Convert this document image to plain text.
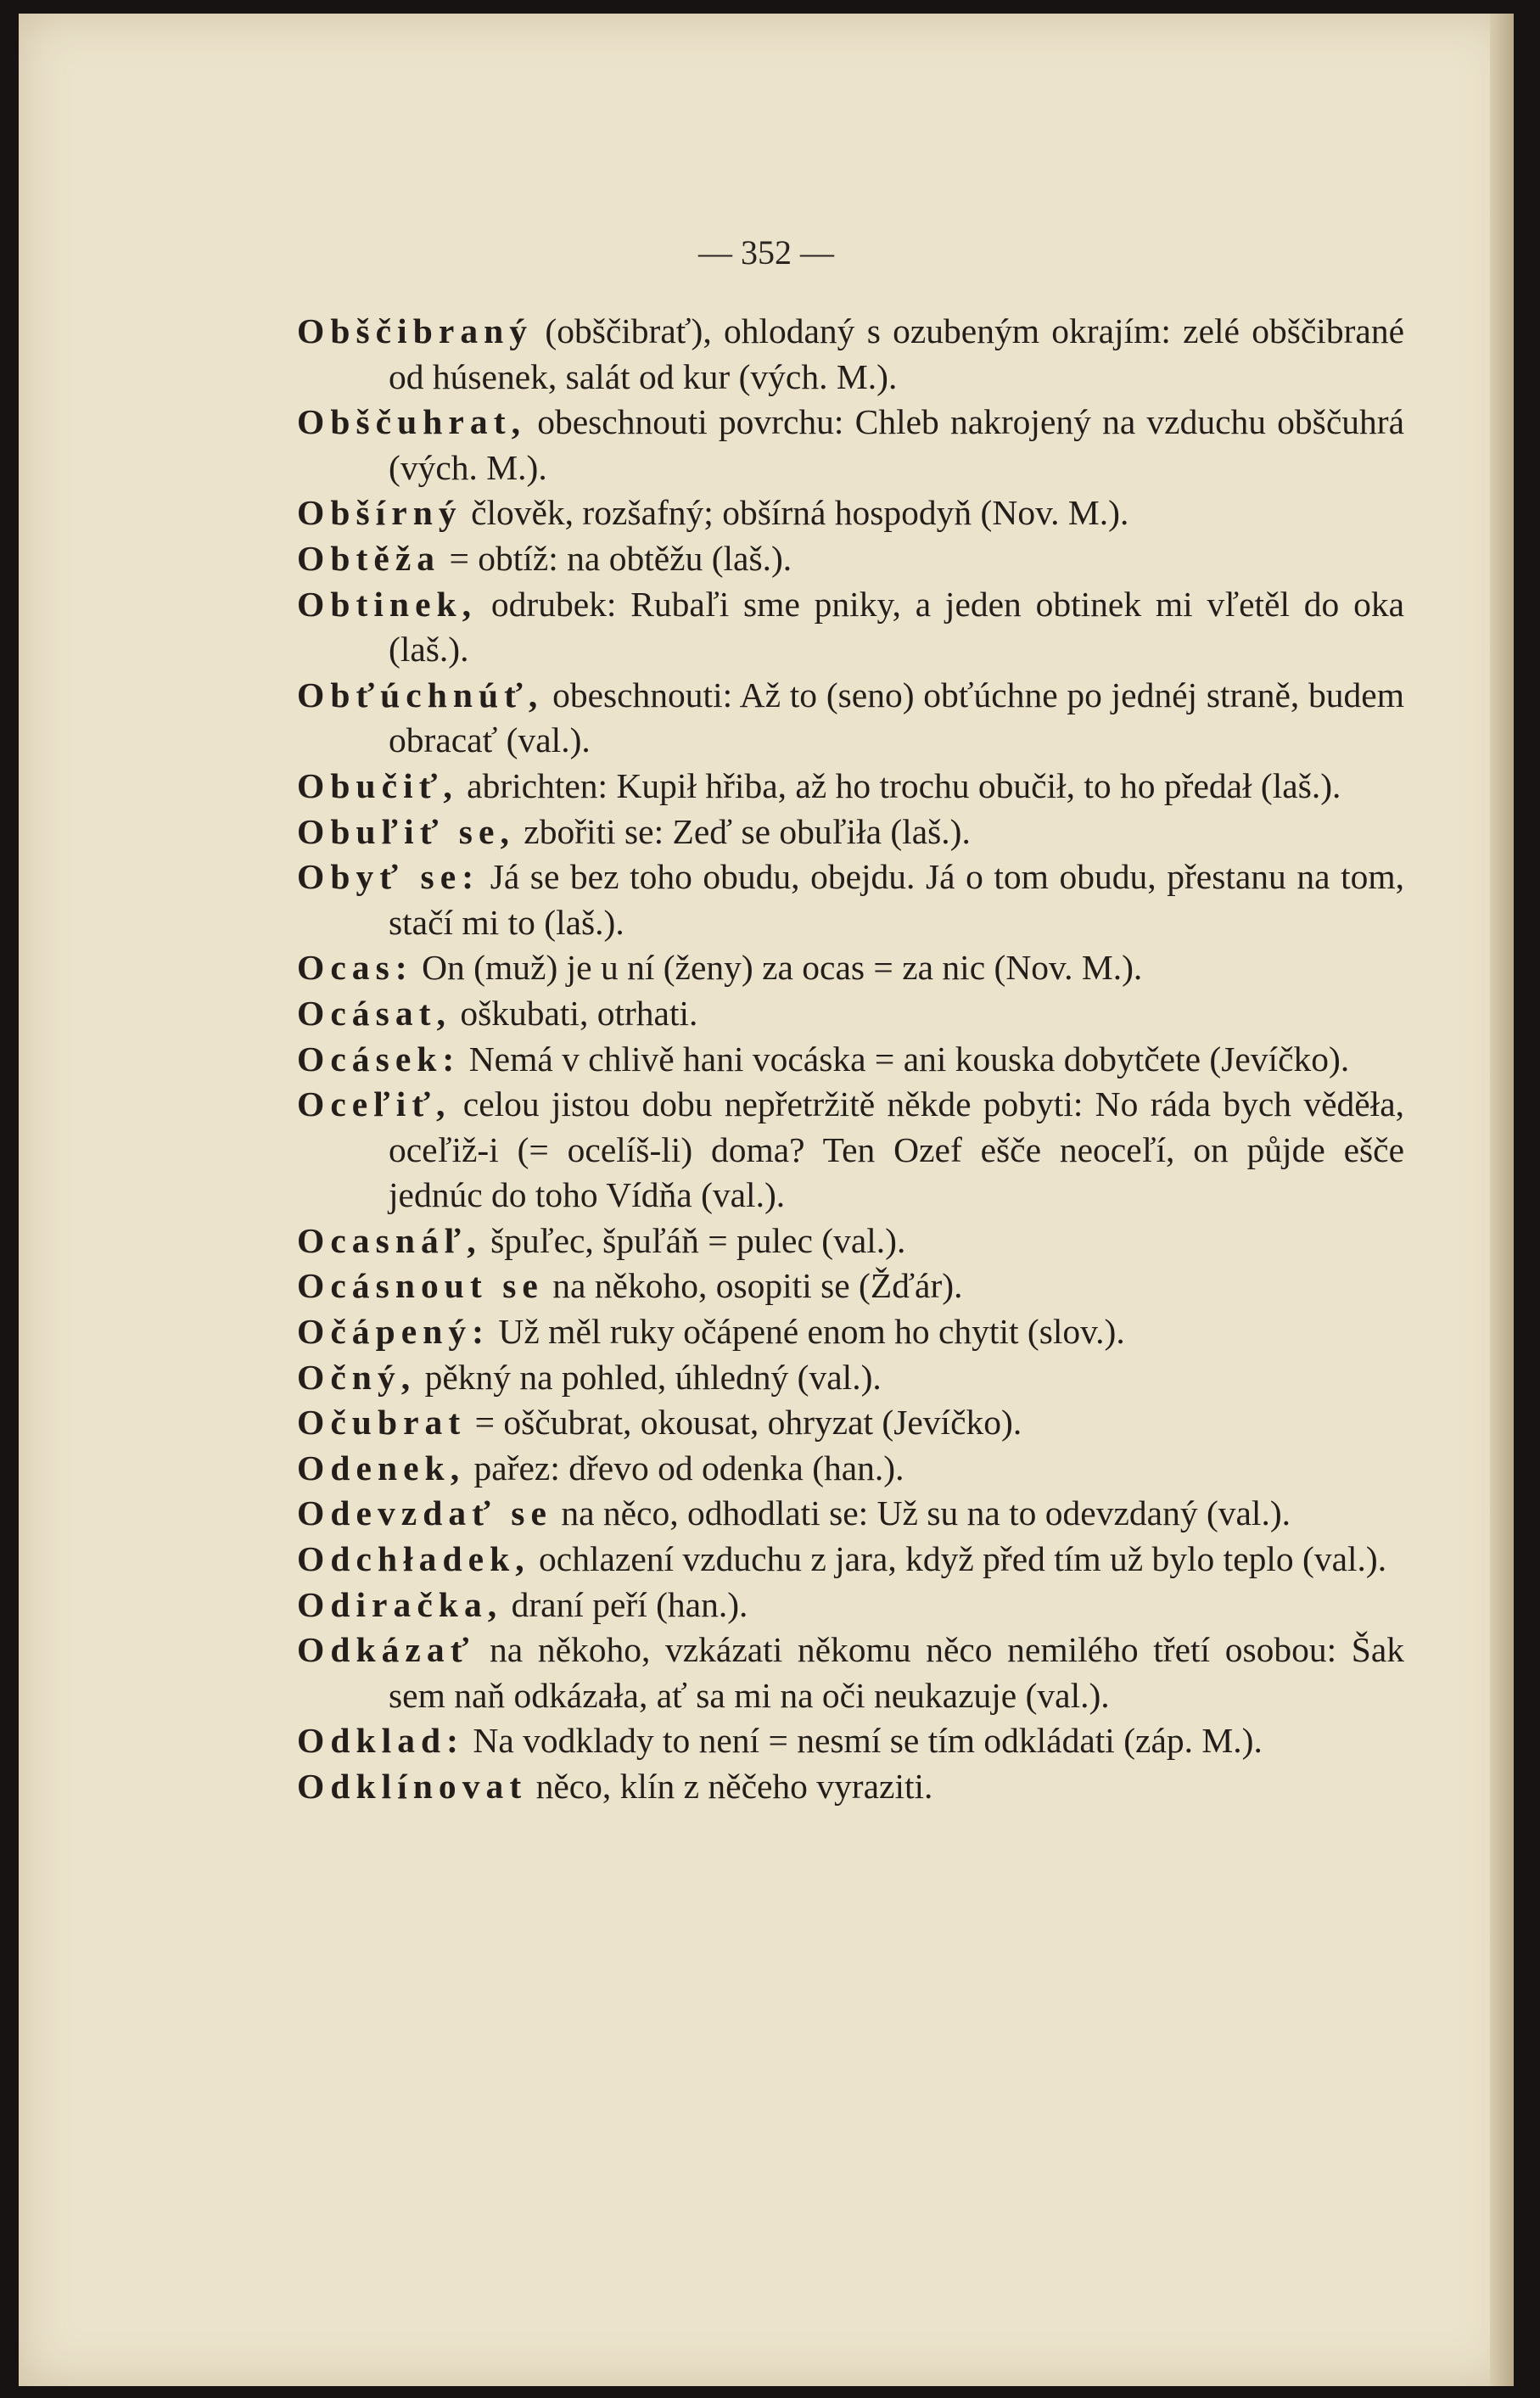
— 352 —

Obščibraný (obščibrať), ohlodaný s ozubeným okrajím: zelé obščibrané od húsenek, salát od kur (vých. M.).

Obščuhrat, obeschnouti povrchu: Chleb nakrojený na vzduchu obščuhrá (vých. M.).

Obšírný člověk, rozšafný; obšírná hospodyň (Nov. M.).

Obtěža = obtíž: na obtěžu (laš.).

Obtinek, odrubek: Rubaľi sme pniky, a jeden obtinek mi vľetěl do oka (laš.).

Obťúchnúť, obeschnouti: Až to (seno) obťúchne po jednéj straně, budem obracať (val.).

Obučiť, abrichten: Kupił hřiba, až ho trochu obučił, to ho předał (laš.).

Obuľiť se, zbořiti se: Zeď se obuľiła (laš.).

Obyť se: Já se bez toho obudu, obejdu. Já o tom obudu, přestanu na tom, stačí mi to (laš.).

Ocas: On (muž) je u ní (ženy) za ocas = za nic (Nov. M.).

Ocásat, oškubati, otrhati.

Ocásek: Nemá v chlivě hani vocáska = ani kouska dobytčete (Jevíčko).

Oceľiť, celou jistou dobu nepřetržitě někde pobyti: No ráda bych věděła, oceľiž-i (= ocelíš-li) doma? Ten Ozef ešče neoceľí, on půjde ešče jednúc do toho Vídňa (val.).

Ocasnáľ, špuľec, špuľáň = pulec (val.).

Ocásnout se na někoho, osopiti se (Žďár).

Očápený: Už měl ruky očápené enom ho chytit (slov.).

Očný, pěkný na pohled, úhledný (val.).

Očubrat = oščubrat, okousat, ohryzat (Jevíčko).

Odenek, pařez: dřevo od odenka (han.).

Odevzdať se na něco, odhodlati se: Už su na to odevzdaný (val.).

Odchładek, ochlazení vzduchu z jara, když před tím už bylo teplo (val.).

Odiračka, draní peří (han.).

Odkázať na někoho, vzkázati někomu něco nemilého třetí osobou: Šak sem naň odkázała, ať sa mi na oči neukazuje (val.).

Odklad: Na vodklady to není = nesmí se tím odkládati (záp. M.).

Odklínovat něco, klín z něčeho vyraziti.
